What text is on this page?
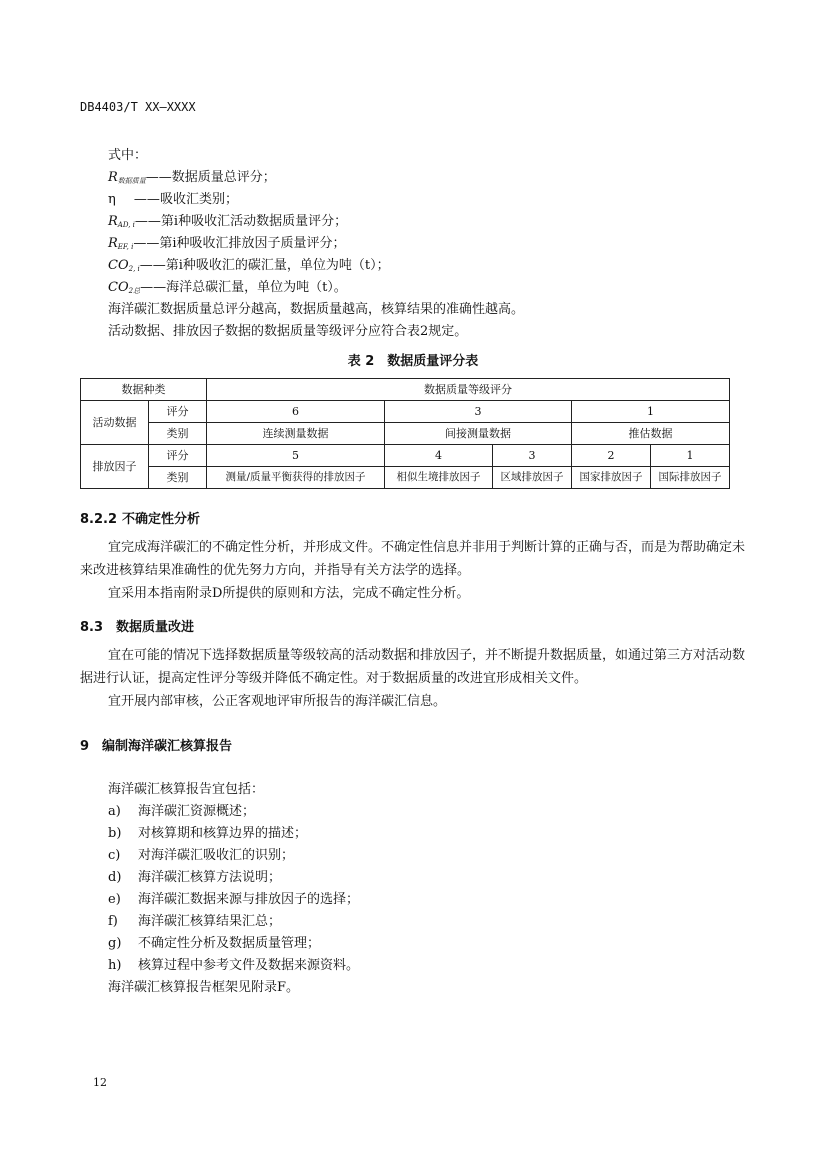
DB4403/T XX—XXXX
式中：
$R_{数据质量}——$数据质量总评分；
η ——吸收汇类别；
$R_{AD, i}——$第i种吸收汇活动数据质量评分；
$R_{EF, i}——$第i种吸收汇排放因子质量评分；
$CO_{2, i}——$第i种吸收汇的碳汇量，单位为吨（t）；
$CO_{2总}——$海洋总碳汇量，单位为吨（t）。
海洋碳汇数据质量总评分越高，数据质量越高，核算结果的准确性越高。
活动数据、排放因子数据的数据质量等级评分应符合表2规定。
表 2　数据质量评分表
数据种类		数据质量等级评分				
活动数据	评分	6	3		1	
	类别	连续测量数据	间接测量数据		推估数据	
排放因子	评分	5	4	3	2	1
	类别	测量/质量平衡获得的排放因子	相似生境排放因子	区域排放因子	国家排放因子	国际排放因子
8.2.2 不确定性分析
宜完成海洋碳汇的不确定性分析，并形成文件。不确定性信息并非用于判断计算的正确与否，而是为帮助确定未来改进核算结果准确性的优先努力方向，并指导有关方法学的选择。
宜采用本指南附录D所提供的原则和方法，完成不确定性分析。
8.3 数据质量改进
宜在可能的情况下选择数据质量等级较高的活动数据和排放因子，并不断提升数据质量，如通过第三方对活动数据进行认证，提高定性评分等级并降低不确定性。对于数据质量的改进宜形成相关文件。
宜开展内部审核，公正客观地评审所报告的海洋碳汇信息。
9 编制海洋碳汇核算报告
海洋碳汇核算报告宜包括：
a) 海洋碳汇资源概述；
b) 对核算期和核算边界的描述；
c) 对海洋碳汇吸收汇的识别；
d) 海洋碳汇核算方法说明；
e) 海洋碳汇数据来源与排放因子的选择；
f) 海洋碳汇核算结果汇总；
g) 不确定性分析及数据质量管理；
h) 核算过程中参考文件及数据来源资料。
海洋碳汇核算报告框架见附录F。
12
